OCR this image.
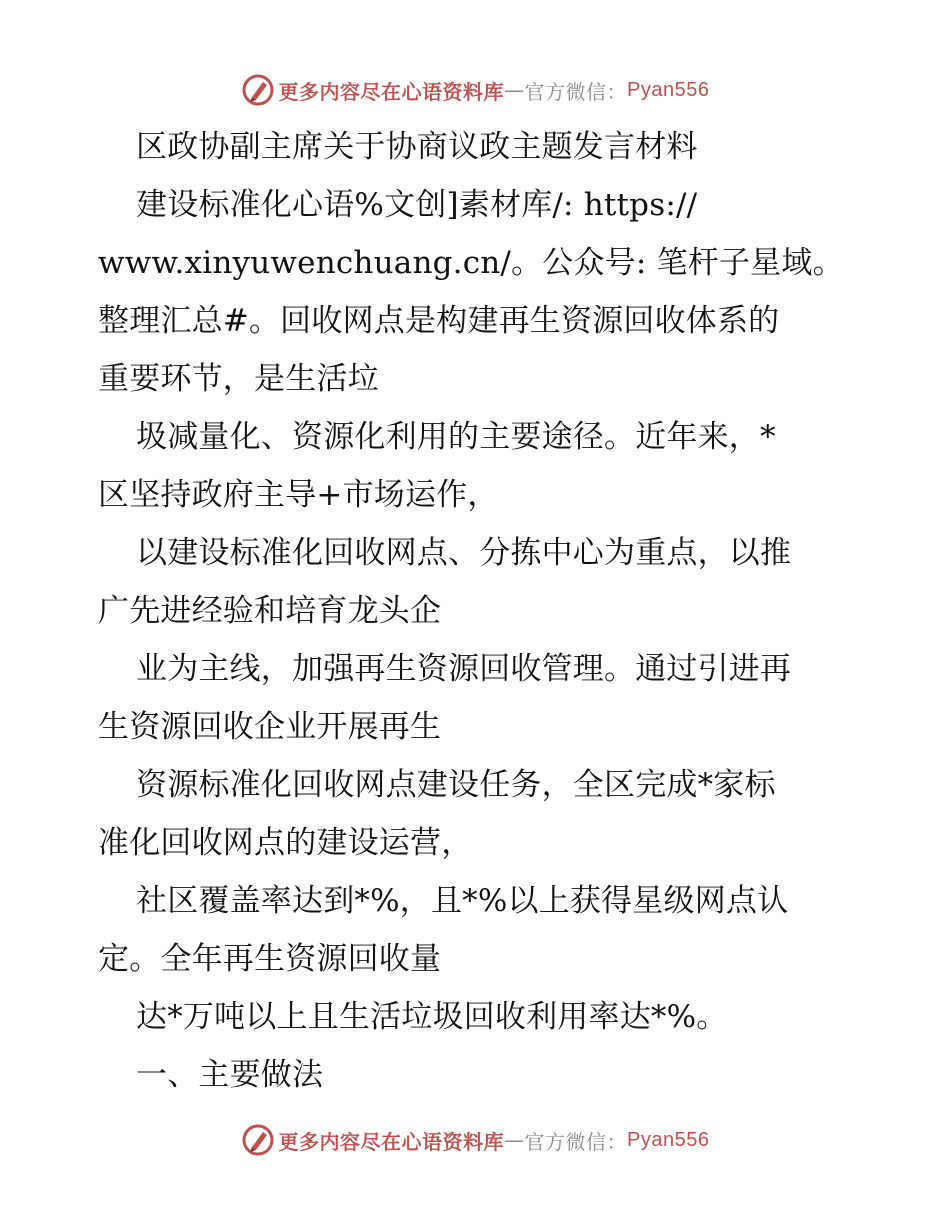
更多内容尽在心语资料库 — 官方微信： Pyan556
区政协副主席关于协商议政主题发言材料
建设标准化心语%文创]素材库/: https://
www.xinyuwenchuang.cn/。公众号: 笔杆子星域。
整理汇总#。回收网点是构建再生资源回收体系的
重要环节，是生活垃
圾减量化、资源化利用的主要途径。近年来，*
区坚持政府主导+市场运作，
以建设标准化回收网点、分拣中心为重点，以推
广先进经验和培育龙头企
业为主线，加强再生资源回收管理。通过引进再
生资源回收企业开展再生
资源标准化回收网点建设任务，全区完成*家标
准化回收网点的建设运营，
社区覆盖率达到*%，且*%以上获得星级网点认
定。全年再生资源回收量
达*万吨以上且生活垃圾回收利用率达*%。
一、主要做法
更多内容尽在心语资料库 — 官方微信： Pyan556
